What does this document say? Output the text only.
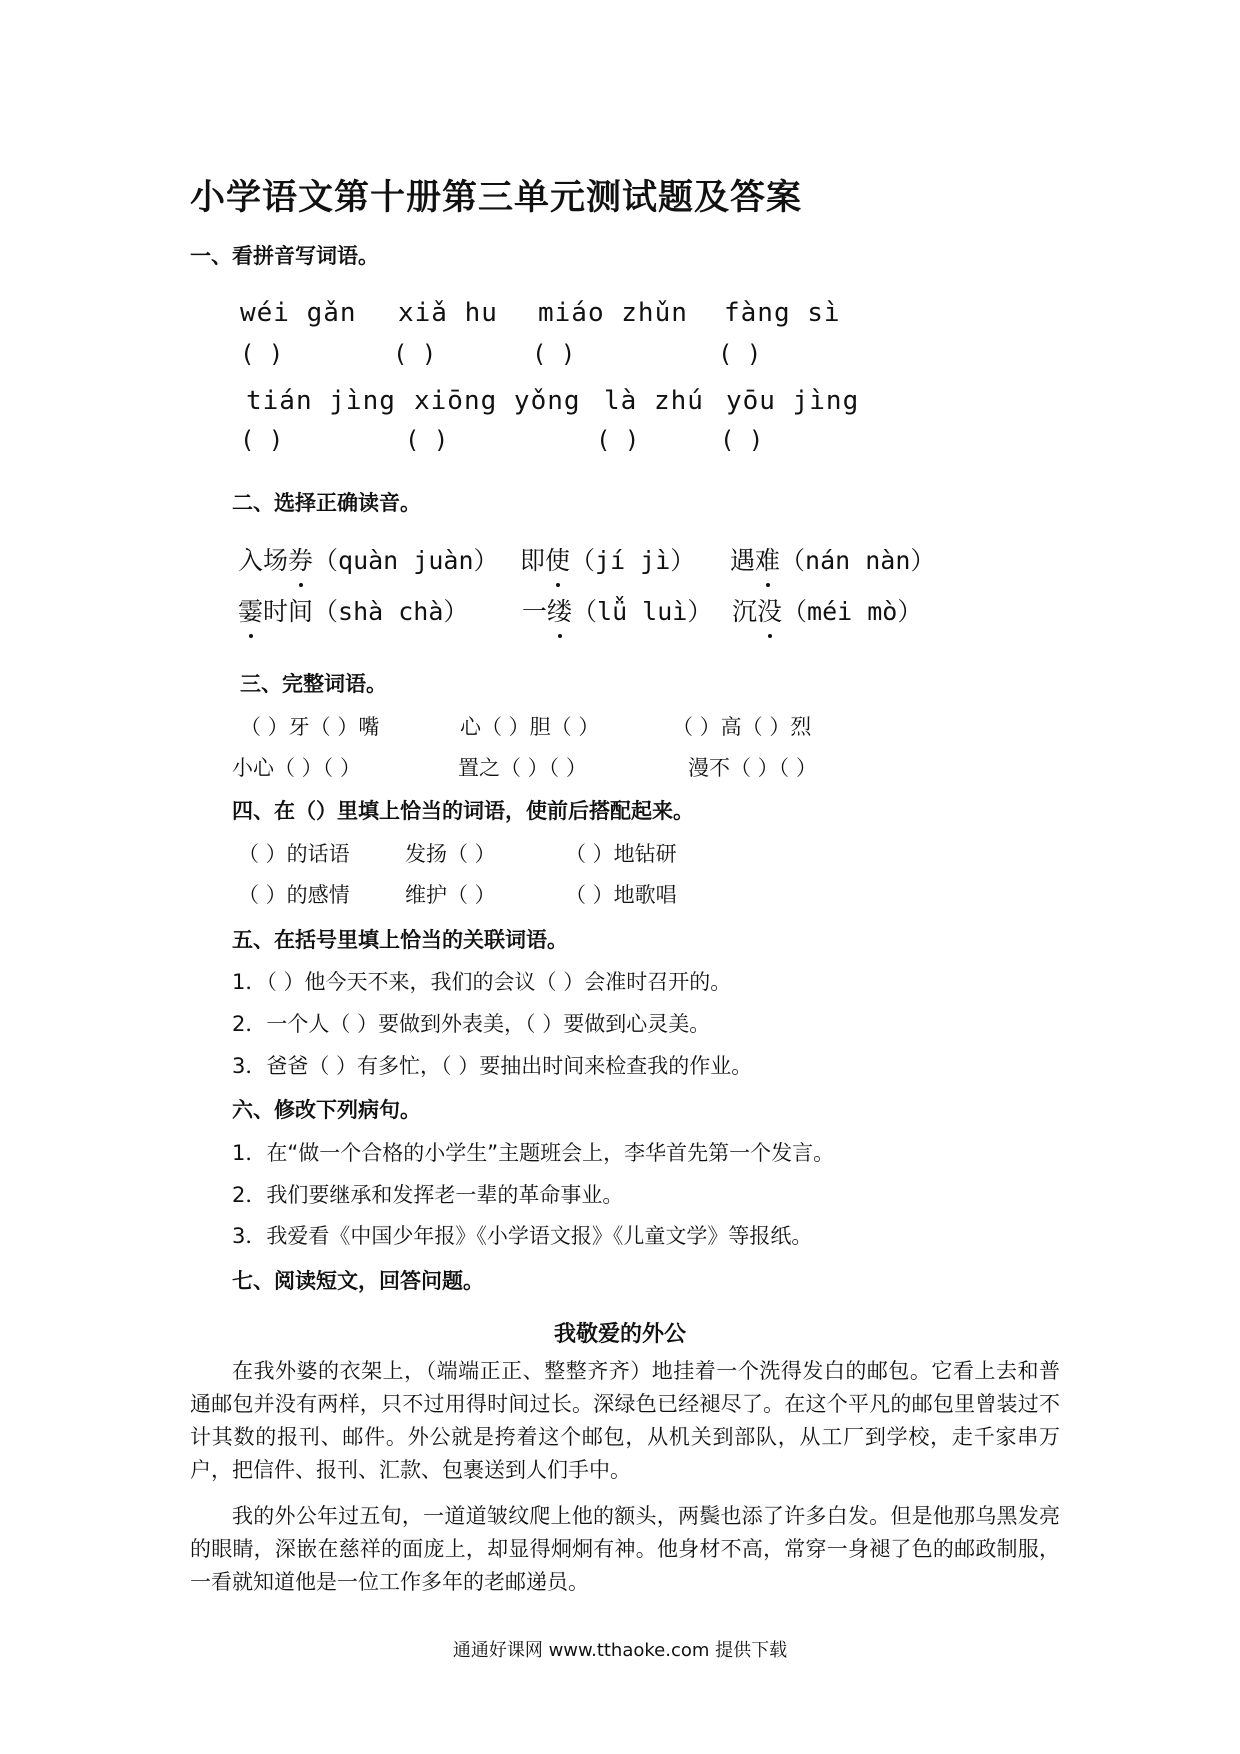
小学语文第十册第三单元测试题及答案
一、看拼音写词语。
wéi gǎn xiǎ hu miáo zhǔn fàng sì
( )	( )	( )	( )
tián jìng xiōng yǒng là zhú yōu jìng
( )	( )	( )	( )
二、选择正确读音。
入场券（quàn juàn） 即使（jí jì） 遇难（nán nàn）
霎时间（shà chà） 一缕（lǚ luì） 沉没（méi mò）
三、完整词语。
（ ）牙（ ）嘴	心（ ）胆（ ）	（ ）高（ ）烈
小心（ ）（ ）	置之（ ）（ ）	漫不（ ）（ ）
四、在（）里填上恰当的词语，使前后搭配起来。
（ ）的话语	发扬（ ）	（ ）地钻研
（ ）的感情	维护（ ）	（ ）地歌唱
五、在括号里填上恰当的关联词语。
1．（ ）他今天不来，我们的会议（ ）会准时召开的。
2．一个人（ ）要做到外表美，（ ）要做到心灵美。
3．爸爸（ ）有多忙，（ ）要抽出时间来检查我的作业。
六、修改下列病句。
1．在“做一个合格的小学生”主题班会上，李华首先第一个发言。
2．我们要继承和发挥老一辈的革命事业。
3．我爱看《中国少年报》《小学语文报》《儿童文学》等报纸。
七、阅读短文，回答问题。
我敬爱的外公
在我外婆的衣架上，（端端正正、整整齐齐）地挂着一个洗得发白的邮包。它看上去和普通邮包并没有两样，只不过用得时间过长。深绿色已经褪尽了。在这个平凡的邮包里曾装过不计其数的报刊、邮件。外公就是挎着这个邮包，从机关到部队，从工厂到学校，走千家串万户，把信件、报刊、汇款、包裹送到人们手中。
我的外公年过五旬，一道道皱纹爬上他的额头，两鬓也添了许多白发。但是他那乌黑发亮的眼睛，深嵌在慈祥的面庞上，却显得炯炯有神。他身材不高，常穿一身褪了色的邮政制服，一看就知道他是一位工作多年的老邮递员。
通通好课网 www.tthaoke.com 提供下载
